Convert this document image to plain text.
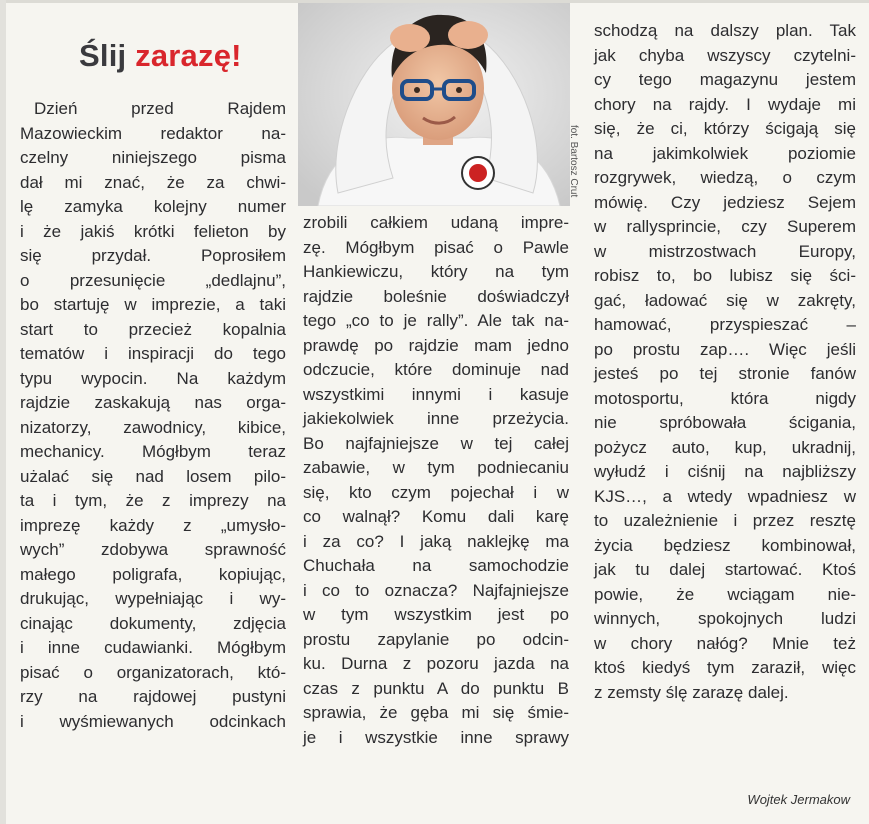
Ślij zarazę!
fot. Bartosz Crut
Dzień przed Rajdem
Mazowieckim redaktor na-
czelny niniejszego pisma
dał mi znać, że za chwi-
lę zamyka kolejny numer
i że jakiś krótki felieton by
się przydał. Poprosiłem
o przesunięcie „dedlajnu”,
bo startuję w imprezie, a taki
start to przecież kopalnia
tematów i inspiracji do tego
typu wypocin. Na każdym
rajdzie zaskakują nas orga-
nizatorzy, zawodnicy, kibice,
mechanicy. Mógłbym teraz
użalać się nad losem pilo-
ta i tym, że z imprezy na
imprezę każdy z „umysło-
wych” zdobywa sprawność
małego poligrafa, kopiując,
drukując, wypełniając i wy-
cinając dokumenty, zdjęcia
i inne cudawianki. Mógłbym
pisać o organizatorach, któ-
rzy na rajdowej pustyni
i wyśmiewanych odcinkach
zrobili całkiem udaną impre-
zę. Mógłbym pisać o Pawle
Hankiewiczu, który na tym
rajdzie boleśnie doświadczył
tego „co to je rally”. Ale tak na-
prawdę po rajdzie mam jedno
odczucie, które dominuje nad
wszystkimi innymi i kasuje
jakiekolwiek inne przeżycia.
Bo najfajniejsze w tej całej
zabawie, w tym podniecaniu
się, kto czym pojechał i w
co walnął? Komu dali karę
i za co? I jaką naklejkę ma
Chuchała na samochodzie
i co to oznacza? Najfajniejsze
w tym wszystkim jest po
prostu zapylanie po odcin-
ku. Durna z pozoru jazda na
czas z punktu A do punktu B
sprawia, że gęba mi się śmie-
je i wszystkie inne sprawy
schodzą na dalszy plan. Tak
jak chyba wszyscy czytelni-
cy tego magazynu jestem
chory na rajdy. I wydaje mi
się, że ci, którzy ścigają się
na jakimkolwiek poziomie
rozgrywek, wiedzą, o czym
mówię. Czy jedziesz Sejem
w rallysprincie, czy Superem
w mistrzostwach Europy,
robisz to, bo lubisz się ści-
gać, ładować się w zakręty,
hamować, przyspieszać –
po prostu zap…. Więc jeśli
jesteś po tej stronie fanów
motosportu, która nigdy
nie spróbowała ścigania,
pożycz auto, kup, ukradnij,
wyłudź i ciśnij na najbliższy
KJS…, a wtedy wpadniesz w
to uzależnienie i przez resztę
życia będziesz kombinował,
jak tu dalej startować. Ktoś
powie, że wciągam nie-
winnych, spokojnych ludzi
w chory nałóg? Mnie też
ktoś kiedyś tym zaraził, więc
z zemsty ślę zarazę dalej.
Wojtek Jermakow
